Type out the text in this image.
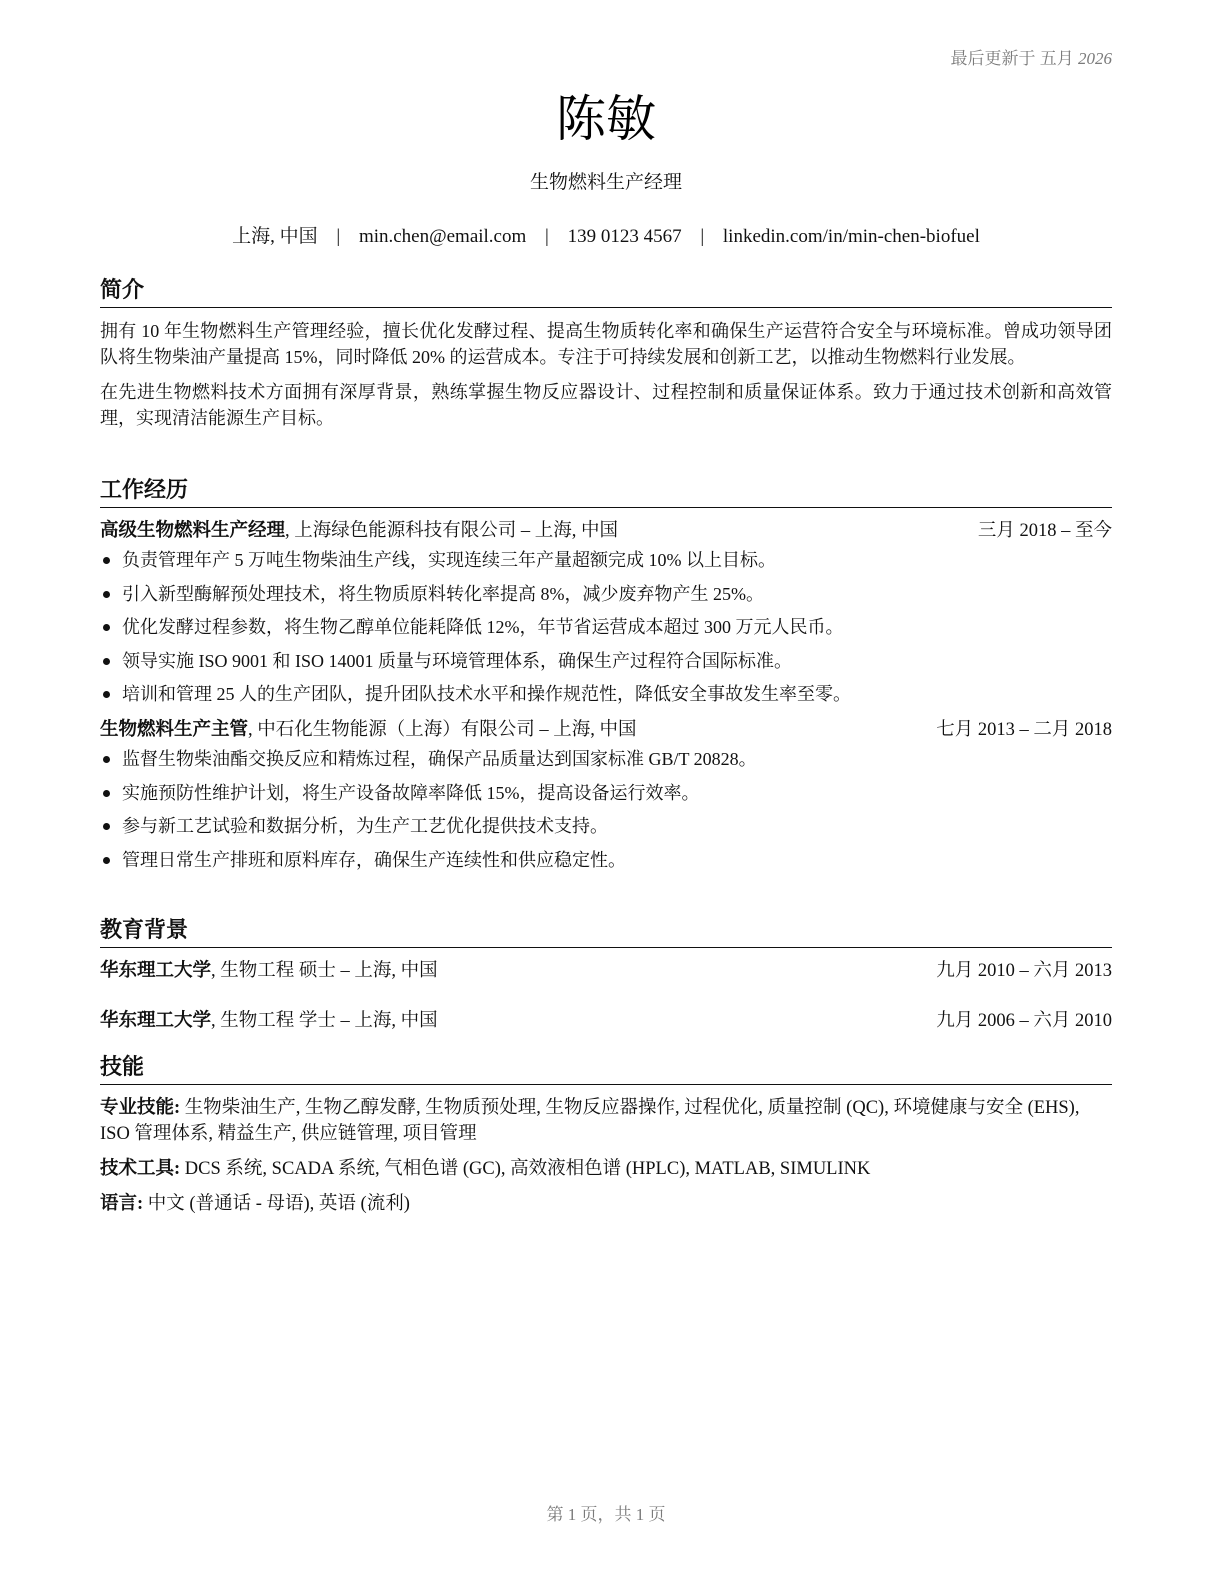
最后更新于 五月 2026
陈敏
生物燃料生产经理
上海, 中国 | min.chen@email.com | 139 0123 4567 | linkedin.com/in/min-chen-biofuel
简介

拥有 10 年生物燃料生产管理经验，擅长优化发酵过程、提高生物质转化率和确保生产运营符合安全与环境标准。曾成功领导团队将生物柴油产量提高 15%，同时降低 20% 的运营成本。专注于可持续发展和创新工艺，以推动生物燃料行业发展。

在先进生物燃料技术方面拥有深厚背景，熟练掌握生物反应器设计、过程控制和质量保证体系。致力于通过技术创新和高效管理，实现清洁能源生产目标。

工作经历
高级生物燃料生产经理, 上海绿色能源科技有限公司 – 上海, 中国	三月 2018 – 至今
负责管理年产 5 万吨生物柴油生产线，实现连续三年产量超额完成 10% 以上目标。
引入新型酶解预处理技术，将生物质原料转化率提高 8%，减少废弃物产生 25%。
优化发酵过程参数，将生物乙醇单位能耗降低 12%，年节省运营成本超过 300 万元人民币。
领导实施 ISO 9001 和 ISO 14001 质量与环境管理体系，确保生产过程符合国际标准。
培训和管理 25 人的生产团队，提升团队技术水平和操作规范性，降低安全事故发生率至零。
生物燃料生产主管, 中石化生物能源（上海）有限公司 – 上海, 中国	七月 2013 – 二月 2018
监督生物柴油酯交换反应和精炼过程，确保产品质量达到国家标准 GB/T 20828。
实施预防性维护计划，将生产设备故障率降低 15%，提高设备运行效率。
参与新工艺试验和数据分析，为生产工艺优化提供技术支持。
管理日常生产排班和原料库存，确保生产连续性和供应稳定性。
教育背景
华东理工大学, 生物工程 硕士 – 上海, 中国	九月 2010 – 六月 2013
华东理工大学, 生物工程 学士 – 上海, 中国	九月 2006 – 六月 2010
技能
专业技能: 生物柴油生产, 生物乙醇发酵, 生物质预处理, 生物反应器操作, 过程优化, 质量控制 (QC), 环境健康与安全 (EHS), ISO 管理体系, 精益生产, 供应链管理, 项目管理
技术工具: DCS 系统, SCADA 系统, 气相色谱 (GC), 高效液相色谱 (HPLC), MATLAB, SIMULINK
语言: 中文 (普通话 - 母语), 英语 (流利)
第 1 页，共 1 页
